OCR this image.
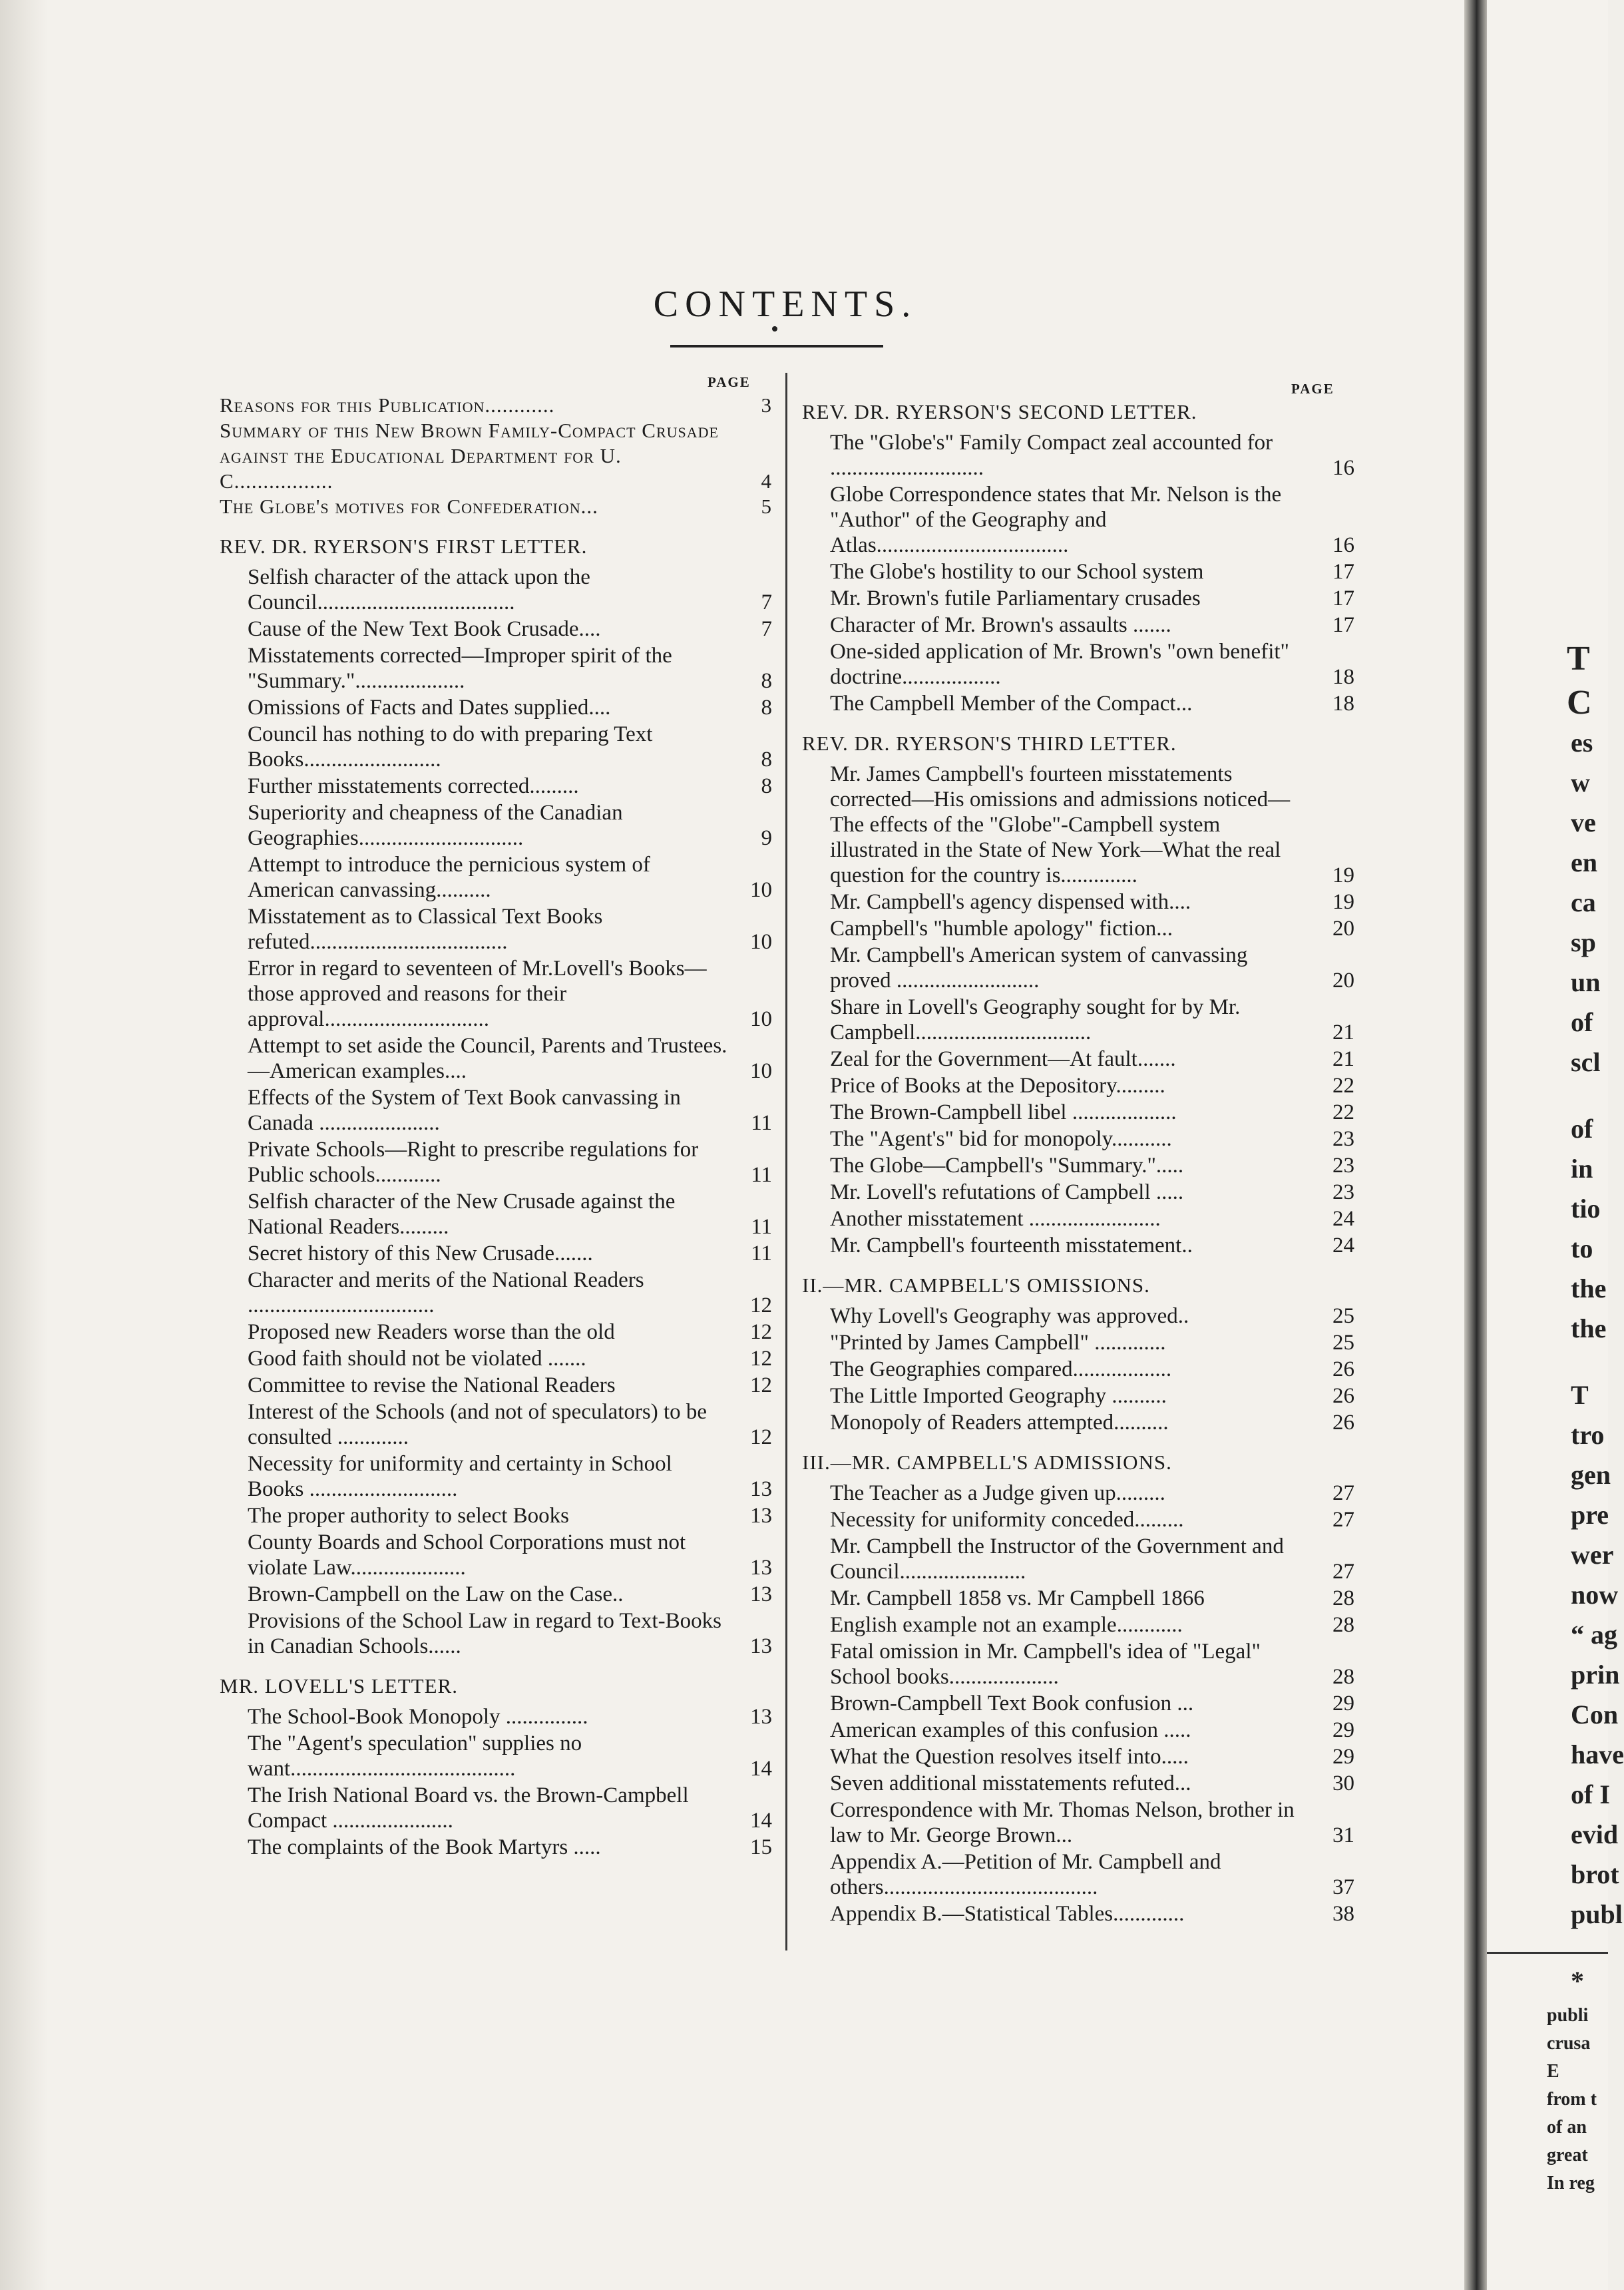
CONTENTS.
PAGE	PAGE
Reasons for this Publication............	3
Summary of this New Brown Family-Compact Crusade against the Educational Department for U. C.................	4
The Globe's motives for Confederation...	5
REV. DR. RYERSON'S FIRST LETTER.
Selfish character of the attack upon the Council....................................	7
Cause of the New Text Book Crusade....	7
Misstatements corrected—Improper spirit of the "Summary."....................	8
Omissions of Facts and Dates supplied....	8
Council has nothing to do with preparing Text Books.........................	8
Further misstatements corrected.........	8
Superiority and cheapness of the Canadian Geographies..............................	9
Attempt to introduce the pernicious system of American canvassing..........	10
Misstatement as to Classical Text Books refuted....................................	10
Error in regard to seventeen of Mr.Lovell's Books—those approved and reasons for their approval..............................	10
Attempt to set aside the Council, Parents and Trustees.—American examples....	10
Effects of the System of Text Book canvassing in Canada ......................	11
Private Schools—Right to prescribe regulations for Public schools............	11
Selfish character of the New Crusade against the National Readers.........	11
Secret history of this New Crusade.......	11
Character and merits of the National Readers ..................................	12
Proposed new Readers worse than the old	12
Good faith should not be violated .......	12
Committee to revise the National Readers	12
Interest of the Schools (and not of speculators) to be consulted .............	12
Necessity for uniformity and certainty in School Books ...........................	13
The proper authority to select Books	13
County Boards and School Corporations must not violate Law.....................	13
Brown-Campbell on the Law on the Case..	13
Provisions of the School Law in regard to Text-Books in Canadian Schools......	13
MR. LOVELL'S LETTER.
The School-Book Monopoly ...............	13
The "Agent's speculation" supplies no want.........................................	14
The Irish National Board vs. the Brown-Campbell Compact ......................	14
The complaints of the Book Martyrs .....	15
REV. DR. RYERSON'S SECOND LETTER.
The "Globe's" Family Compact zeal accounted for ............................	16
Globe Correspondence states that Mr. Nelson is the "Author" of the Geography and Atlas...................................	16
The Globe's hostility to our School system	17
Mr. Brown's futile Parliamentary crusades	17
Character of Mr. Brown's assaults .......	17
One-sided application of Mr. Brown's "own benefit" doctrine..................	18
The Campbell Member of the Compact...	18
REV. DR. RYERSON'S THIRD LETTER.
Mr. James Campbell's fourteen misstatements corrected—His omissions and admissions noticed—The effects of the "Globe"-Campbell system illustrated in the State of New York—What the real question for the country is..............	19
Mr. Campbell's agency dispensed with....	19
Campbell's "humble apology" fiction...	20
Mr. Campbell's American system of canvassing proved ..........................	20
Share in Lovell's Geography sought for by Mr. Campbell................................	21
Zeal for the Government—At fault.......	21
Price of Books at the Depository.........	22
The Brown-Campbell libel ...................	22
The "Agent's" bid for monopoly...........	23
The Globe—Campbell's "Summary.".....	23
Mr. Lovell's refutations of Campbell .....	23
Another misstatement ........................	24
Mr. Campbell's fourteenth misstatement..	24
II.—MR. CAMPBELL'S OMISSIONS.
Why Lovell's Geography was approved..	25
"Printed by James Campbell" .............	25
The Geographies compared..................	26
The Little Imported Geography ..........	26
Monopoly of Readers attempted..........	26
III.—MR. CAMPBELL'S ADMISSIONS.
The Teacher as a Judge given up.........	27
Necessity for uniformity conceded.........	27
Mr. Campbell the Instructor of the Government and Council.......................	27
Mr. Campbell 1858 vs. Mr Campbell 1866	28
English example not an example............	28
Fatal omission in Mr. Campbell's idea of "Legal" School books....................	28
Brown-Campbell Text Book confusion ...	29
American examples of this confusion .....	29
What the Question resolves itself into.....	29
Seven additional misstatements refuted...	30
Correspondence with Mr. Thomas Nelson, brother in law to Mr. George Brown...	31
Appendix A.—Petition of Mr. Campbell and others.......................................	37
Appendix B.—Statistical Tables.............	38
T
C
es
w
ve
en
ca
sp
un
of
scl
of
in
tio
to
the
the
T
tro
gen
pre
wer
now
“ ag
prin
Con
have
of I
evid
brot
publ
*
publi
crusa
E
from t
of an
great
In reg
